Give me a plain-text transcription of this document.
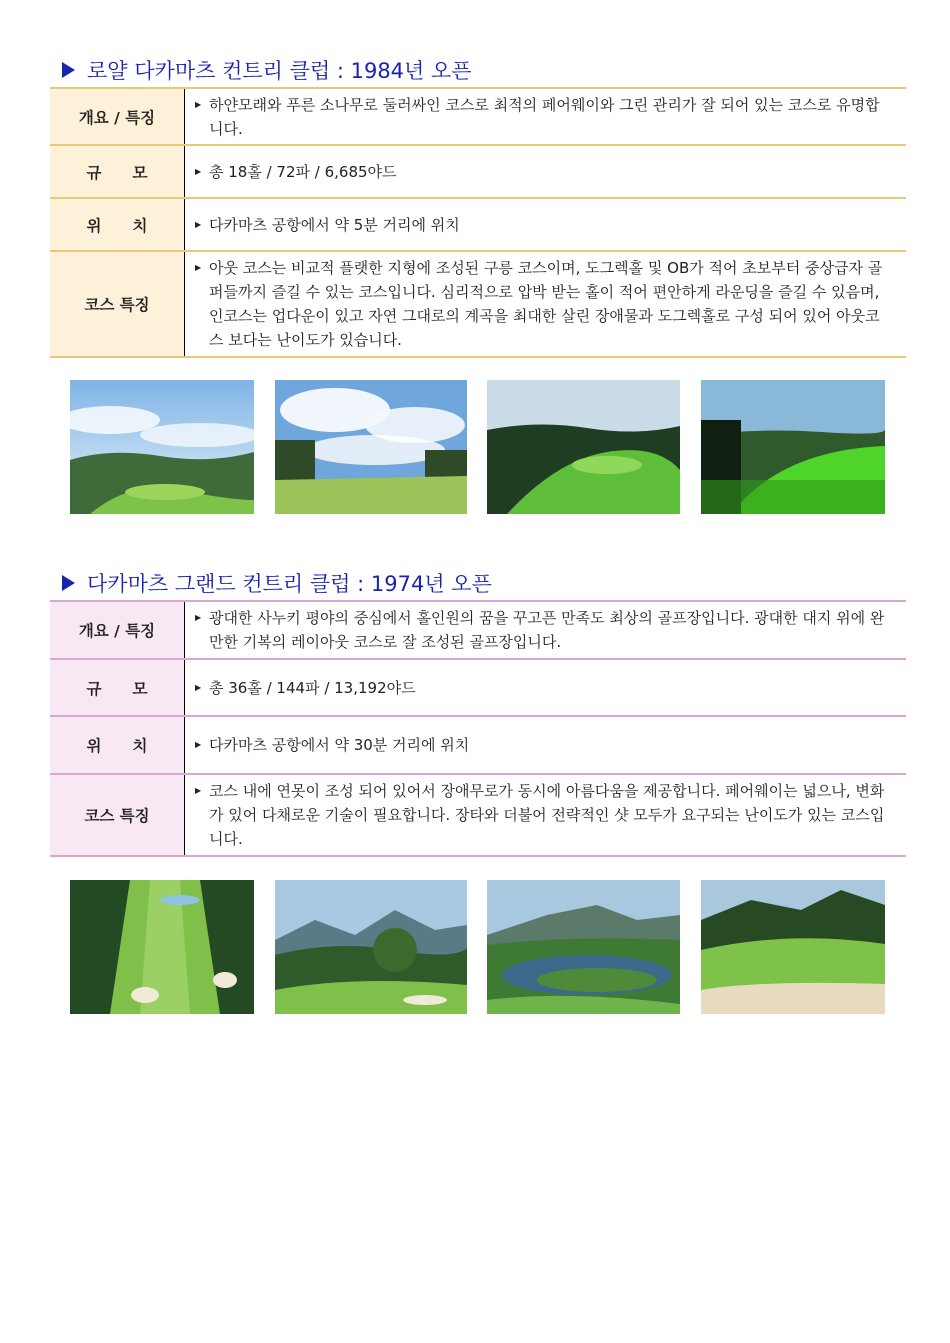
로얄 다카마츠 컨트리 클럽 : 1984년 오픈
개요 / 특징	▶ 하얀모래와 푸른 소나무로 둘러싸인 코스로 최적의 페어웨이와 그린 관리가 잘 되어 있는 코스로 유명합니다.

규　　모	▶ 총 18홀 / 72파 / 6,685야드

위　　치	▶ 다카마츠 공항에서 약 5분 거리에 위치

코스 특징	▶ 아웃 코스는 비교적 플랫한 지형에 조성된 구릉 코스이며, 도그렉홀 및 OB가 적어 초보부터 중상급자 골퍼들까지 즐길 수 있는 코스입니다. 심리적으로 압박 받는 홀이 적어 편안하게 라운딩을 즐길 수 있음며, 인코스는 업다운이 있고 자연 그대로의 계곡을 최대한 살린 장애물과 도그렉홀로 구성 되어 있어 아웃코스 보다는 난이도가 있습니다.
다카마츠 그랜드 컨트리 클럽 : 1974년 오픈
개요 / 특징	▶ 광대한 사누키 평야의 중심에서 홀인원의 꿈을 꾸고픈 만족도 최상의 골프장입니다. 광대한 대지 위에 완만한 기복의 레이아웃 코스로 잘 조성된 골프장입니다.

규　　모	▶ 총 36홀 / 144파 / 13,192야드

위　　치	▶ 다카마츠 공항에서 약 30분 거리에 위치

코스 특징	▶ 코스 내에 연못이 조성 되어 있어서 장애무로가 동시에 아름다움을 제공합니다. 페어웨이는 넓으나, 변화가 있어 다채로운 기술이 필요합니다. 장타와 더불어 전략적인 샷 모두가 요구되는 난이도가 있는 코스입니다.
